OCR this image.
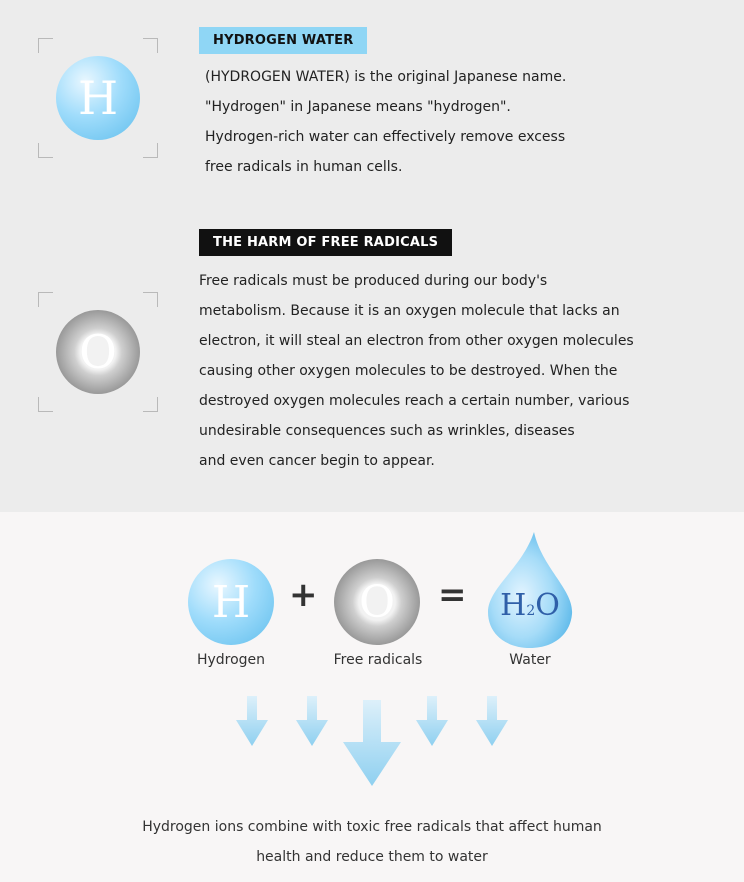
H
HYDROGEN WATER

(HYDROGEN WATER) is the original Japanese name.

"Hydrogen" in Japanese means "hydrogen".

Hydrogen-rich water can effectively remove excess

free radicals in human cells.

O
THE HARM OF FREE RADICALS

Free radicals must be produced during our body's

metabolism. Because it is an oxygen molecule that lacks an

electron, it will steal an electron from other oxygen molecules

causing other oxygen molecules to be destroyed. When the

destroyed oxygen molecules reach a certain number, various

undesirable consequences such as wrinkles, diseases

and even cancer begin to appear.

H + O =	H2O
Hydrogen	Free radicals	Water

Hydrogen ions combine with toxic free radicals that affect human

health and reduce them to water
